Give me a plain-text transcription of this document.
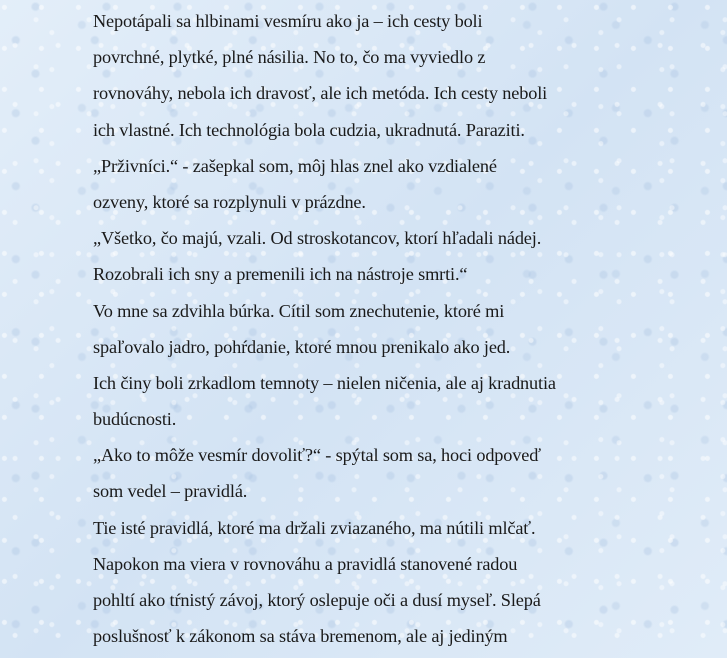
Nepotápali sa hlbinami vesmíru ako ja – ich cesty boli
povrchné, plytké, plné násilia. No to, čo ma vyviedlo z
rovnováhy, nebola ich dravosť, ale ich metóda. Ich cesty neboli
ich vlastné. Ich technológia bola cudzia, ukradnutá. Paraziti.
„Prživníci.“ - zašepkal som, môj hlas znel ako vzdialené
ozveny, ktoré sa rozplynuli v prázdne.
„Všetko, čo majú, vzali. Od stroskotancov, ktorí hľadali nádej.
Rozobrali ich sny a premenili ich na nástroje smrti.“
Vo mne sa zdvihla búrka. Cítil som znechutenie, ktoré mi
spaľovalo jadro, pohŕdanie, ktoré mnou prenikalo ako jed.
Ich činy boli zrkadlom temnoty – nielen ničenia, ale aj kradnutia
budúcnosti.
„Ako to môže vesmír dovoliť?“ - spýtal som sa, hoci odpoveď
som vedel – pravidlá.
Tie isté pravidlá, ktoré ma držali zviazaného, ma nútili mlčať.
Napokon ma viera v rovnováhu a pravidlá stanovené radou
pohltí ako tŕnistý závoj, ktorý oslepuje oči a dusí myseľ. Slepá
poslušnosť k zákonom sa stáva bremenom, ale aj jediným
